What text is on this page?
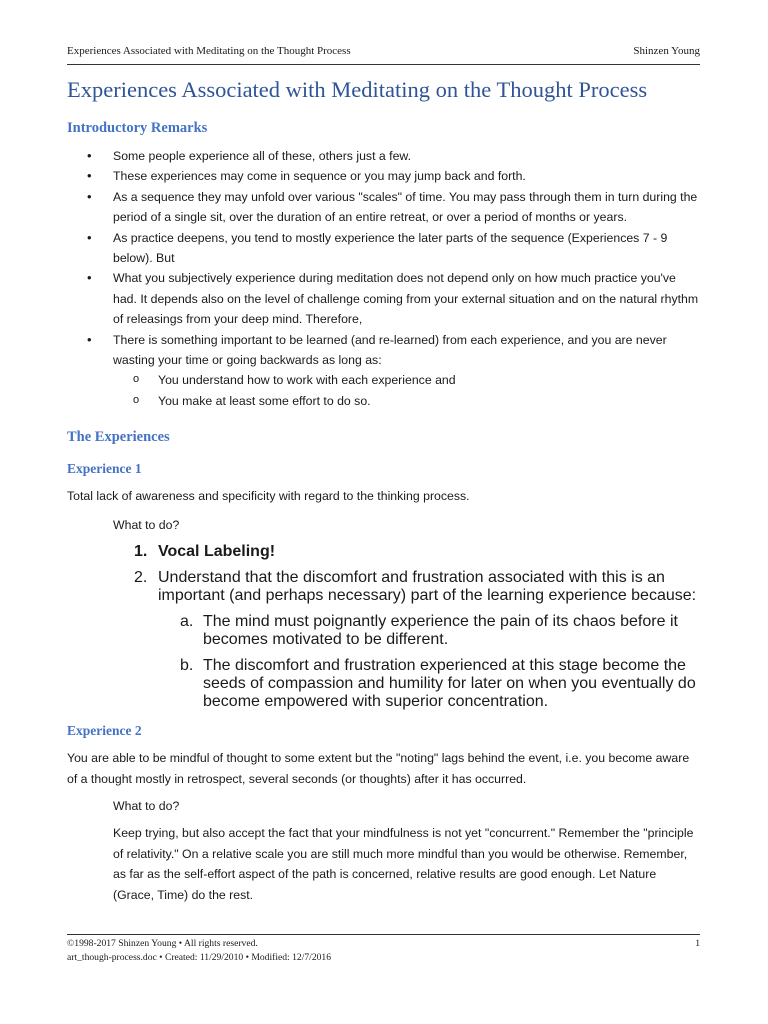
Experiences Associated with Meditating on the Thought Process	Shinzen Young
Experiences Associated with Meditating on the Thought Process
Introductory Remarks
• Some people experience all of these, others just a few.
• These experiences may come in sequence or you may jump back and forth.
• As a sequence they may unfold over various "scales" of time. You may pass through them in turn during the period of a single sit, over the duration of an entire retreat, or over a period of months or years.
• As practice deepens, you tend to mostly experience the later parts of the sequence (Experiences 7 - 9 below). But
• What you subjectively experience during meditation does not depend only on how much practice you've had. It depends also on the level of challenge coming from your external situation and on the natural rhythm of releasings from your deep mind. Therefore,
• There is something important to be learned (and re-learned) from each experience, and you are never wasting your time or going backwards as long as:
o You understand how to work with each experience and
o You make at least some effort to do so.
The Experiences
Experience 1

Total lack of awareness and specificity with regard to the thinking process.

What to do?

1. Vocal Labeling!
2. Understand that the discomfort and frustration associated with this is an important (and perhaps necessary) part of the learning experience because:
a. The mind must poignantly experience the pain of its chaos before it becomes motivated to be different.
b. The discomfort and frustration experienced at this stage become the seeds of compassion and humility for later on when you eventually do become empowered with superior concentration.
Experience 2

You are able to be mindful of thought to some extent but the "noting" lags behind the event, i.e. you become aware of a thought mostly in retrospect, several seconds (or thoughts) after it has occurred.

What to do?

Keep trying, but also accept the fact that your mindfulness is not yet "concurrent." Remember the "principle of relativity." On a relative scale you are still much more mindful than you would be otherwise. Remember, as far as the self-effort aspect of the path is concerned, relative results are good enough. Let Nature (Grace, Time) do the rest.

©1998-2017 Shinzen Young • All rights reserved.	1
art_though-process.doc • Created: 11/29/2010 • Modified: 12/7/2016
